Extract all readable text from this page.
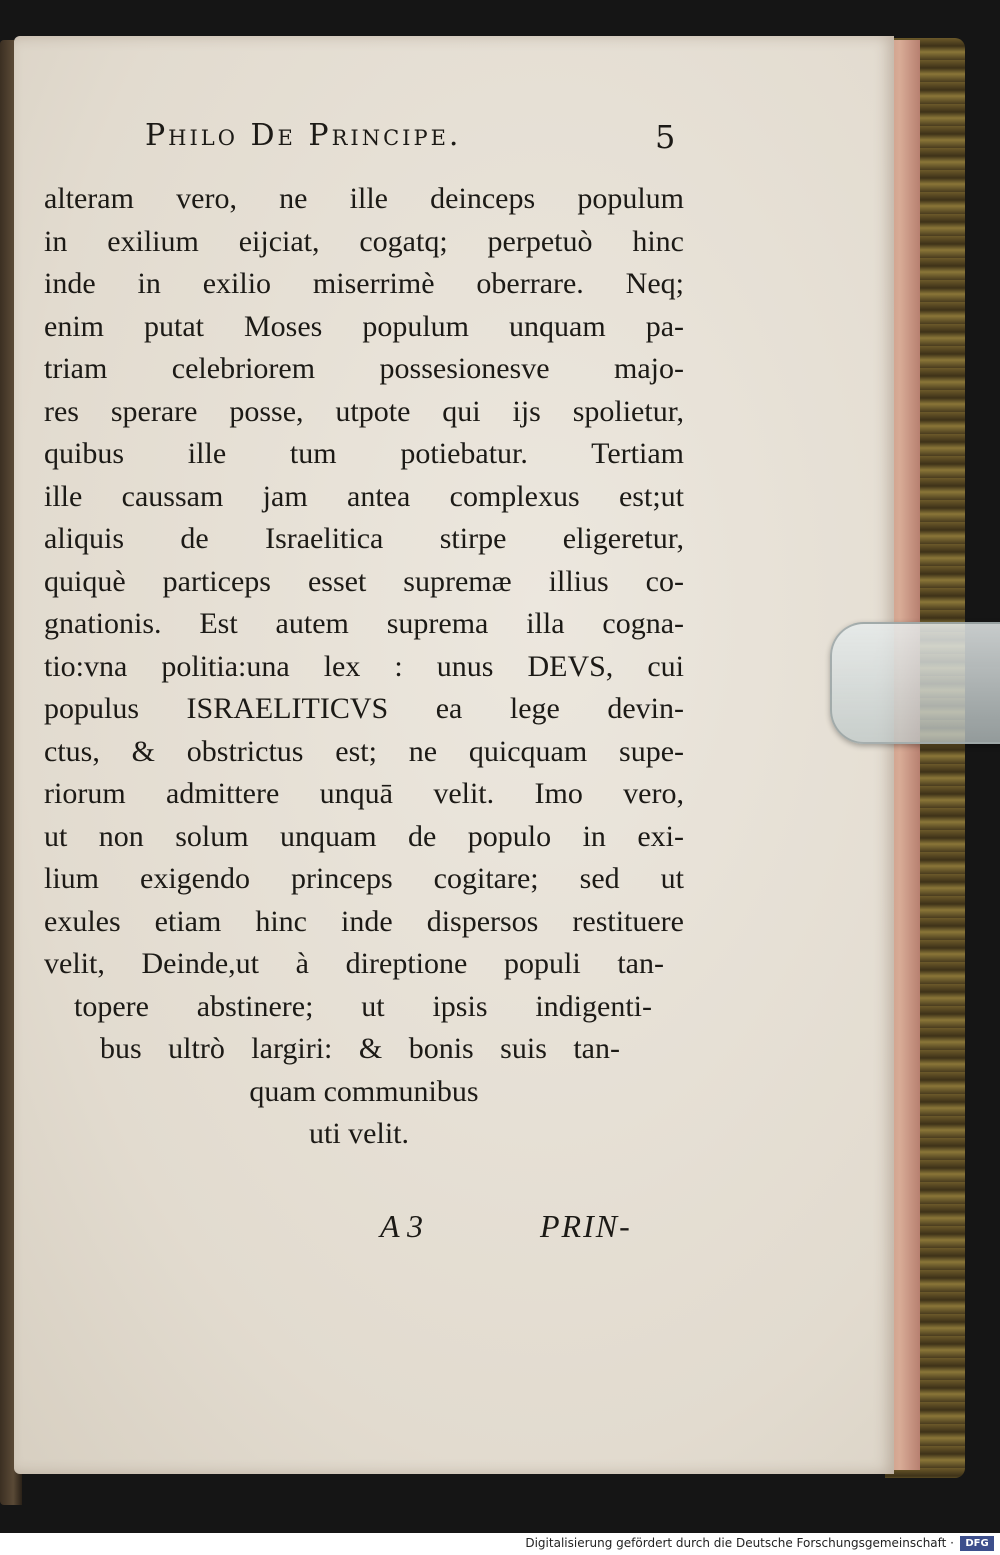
Philo De Principe.	5
alteram vero, ne ille deinceps populum
in exilium eijciat, cogatq; perpetuò hinc
inde in exilio miserrimè oberrare. Neq;
enim putat Moses populum unquam pa-
triam celebriorem possesionesve majo-
res sperare posse, utpote qui ijs spolietur,
quibus ille tum potiebatur. Tertiam
ille caussam jam antea complexus est;ut
aliquis de Israelitica stirpe eligeretur,
quiquè particeps esset supremæ illius co-
gnationis. Est autem suprema illa cogna-
tio:vna politia:una lex : unus DEVS, cui
populus ISRAELITICVS ea lege devin-
ctus, & obstrictus est; ne quicquam supe-
riorum admittere unquā velit. Imo vero,
ut non solum unquam de populo in exi-
lium exigendo princeps cogitare; sed ut
exules etiam hinc inde dispersos restituere
velit, Deinde,ut à direptione populi tan-
topere abstinere; ut ipsis indigenti-
bus ultrò largiri: & bonis suis tan-
quam communibus
uti velit.
A 3	PRIN-
Digitalisierung gefördert durch die Deutsche Forschungsgemeinschaft ·	DFG
